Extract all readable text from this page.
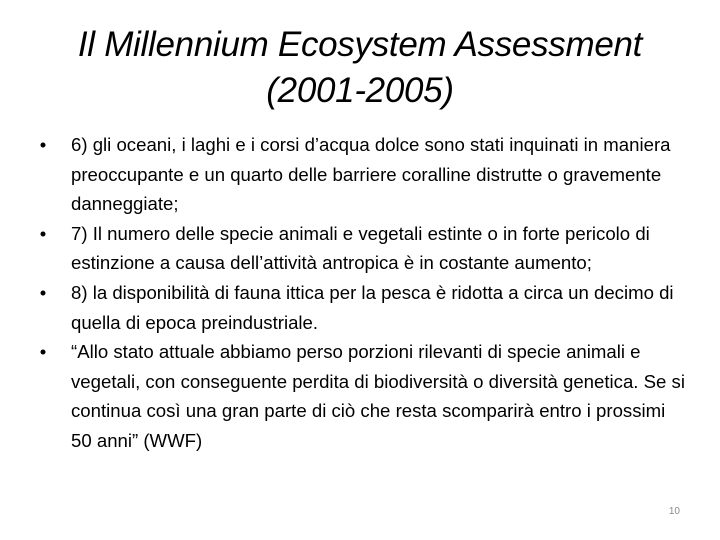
Il Millennium Ecosystem Assessment
(2001-2005)
• 6) gli oceani, i laghi e i corsi d’acqua dolce sono stati inquinati in maniera preoccupante e un quarto delle barriere coralline distrutte o gravemente danneggiate;
• 7) Il numero delle specie animali e vegetali estinte o in forte pericolo di estinzione a causa dell’attività antropica è in costante aumento;
• 8) la disponibilità di fauna ittica per la pesca è ridotta a circa un decimo di quella di epoca preindustriale.
• “Allo stato attuale abbiamo perso porzioni rilevanti di specie animali e vegetali, con conseguente perdita di biodiversità o diversità genetica. Se si continua così una gran parte di ciò che resta scomparirà entro i prossimi 50 anni” (WWF)
10
